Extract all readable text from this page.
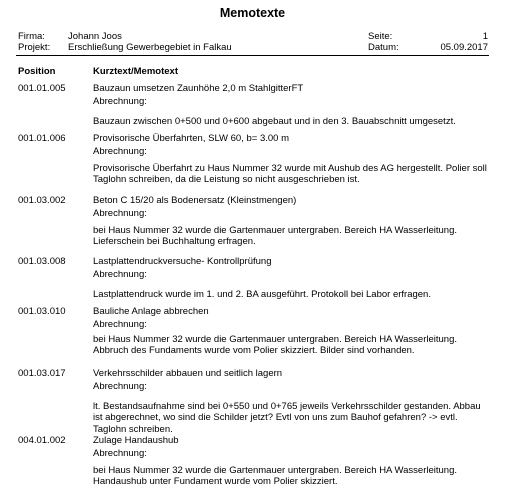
Memotexte
Firma: Johann Joos
Projekt: Erschließung Gewerbegebiet in Falkau
Seite:	1
Datum:	05.09.2017
Position	Kurztext/Memotext
001.01.005	Bauzaun umsetzen Zaunhöhe 2,0 m StahlgitterFT
Abrechnung:
Bauzaun zwischen 0+500 und 0+600 abgebaut und in den 3. Bauabschnitt umgesetzt.
001.01.006	Provisorische Überfahrten, SLW 60, b= 3.00 m
Abrechnung:
Provisorische Überfahrt zu Haus Nummer 32 wurde mit Aushub des AG hergestellt. Polier soll
Taglohn schreiben, da die Leistung so nicht ausgeschrieben ist.
001.03.002	Beton C 15/20 als Bodenersatz (Kleinstmengen)
Abrechnung:
bei Haus Nummer 32 wurde die Gartenmauer untergraben. Bereich HA Wasserleitung.
Lieferschein bei Buchhaltung erfragen.
001.03.008	Lastplattendruckversuche- Kontrollprüfung
Abrechnung:
Lastplattendruck wurde im 1. und 2. BA ausgeführt. Protokoll bei Labor erfragen.
001.03.010	Bauliche Anlage abbrechen
Abrechnung:
bei Haus Nummer 32 wurde die Gartenmauer untergraben. Bereich HA Wasserleitung.
Abbruch des Fundaments wurde vom Polier skizziert. Bilder sind vorhanden.
001.03.017	Verkehrsschilder abbauen und seitlich lagern
Abrechnung:
lt. Bestandsaufnahme sind bei 0+550 und 0+765 jeweils Verkehrsschilder gestanden. Abbau
ist abgerechnet, wo sind die Schilder jetzt? Evtl von uns zum Bauhof gefahren? -> evtl.
Taglohn schreiben.
004.01.002	Zulage Handaushub
Abrechnung:
bei Haus Nummer 32 wurde die Gartenmauer untergraben. Bereich HA Wasserleitung.
Handaushub unter Fundament wurde vom Polier skizziert.
